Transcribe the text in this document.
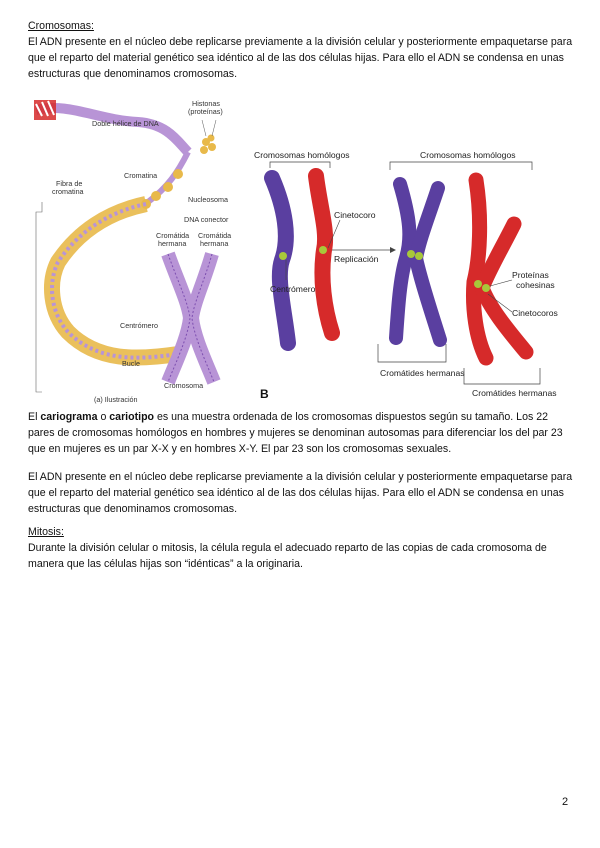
Cromosomas:
El ADN presente en el núcleo debe replicarse previamente a la división celular y posteriormente empaquetarse para que el reparto del material genético sea idéntico al de las dos células hijas. Para ello el ADN se condensa en unas estructuras que denominamos cromosomas.
Histonas
(proteínas)
Doble hélice de DNA
Cromatina
Fibra de
cromatina
Nucleosoma
DNA conector
Cromátida
hermana
Cromátida
hermana
Centrómero
Bucle
Cromosoma
(a) Ilustración
Cromosomas homólogos	Cromosomas homólogos
Cinetocoro
Replicación
Centrómero
Proteínas
cohesinas
Cinetocoros
Cromátides hermanas
Cromátides hermanas
B
El cariograma o cariotipo es una muestra ordenada de los cromosomas dispuestos según su tamaño. Los 22 pares de cromosomas homólogos en hombres y mujeres se denominan autosomas para diferenciar los del par 23 que en mujeres es un par X-X y en hombres X-Y. El par 23 son los cromosomas sexuales.
El ADN presente en el núcleo debe replicarse previamente a la división celular y posteriormente empaquetarse para que el reparto del material genético sea idéntico al de las dos células hijas. Para ello el ADN se condensa en unas estructuras que denominamos cromosomas.
Mitosis:
Durante la división celular o mitosis, la célula regula el adecuado reparto de las copias de cada cromosoma de manera que las células hijas son “idénticas” a la originaria.
2
